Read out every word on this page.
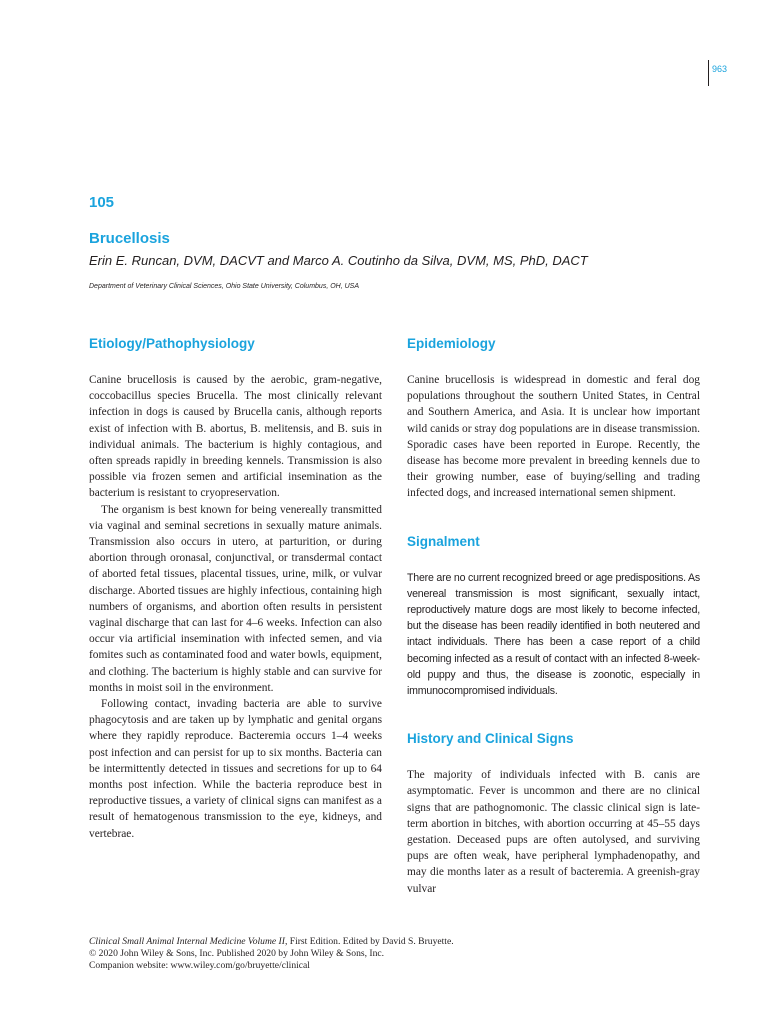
963
105
Brucellosis
Erin E. Runcan, DVM, DACVT and Marco A. Coutinho da Silva, DVM, MS, PhD, DACT
Department of Veterinary Clinical Sciences, Ohio State University, Columbus, OH, USA
Etiology/Pathophysiology

Canine brucellosis is caused by the aerobic, gram-negative, coccobacillus species Brucella. The most clinically relevant infection in dogs is caused by Brucella canis, although reports exist of infection with B. abortus, B. melitensis, and B. suis in individual animals. The bacterium is highly contagious, and often spreads rapidly in breeding kennels. Transmission is also possible via frozen semen and artificial insemination as the bacterium is resistant to cryopreservation.

The organism is best known for being venereally transmitted via vaginal and seminal secretions in sexually mature animals. Transmission also occurs in utero, at parturition, or during abortion through oronasal, conjunctival, or transdermal contact of aborted fetal tissues, placental tissues, urine, milk, or vulvar discharge. Aborted tissues are highly infectious, containing high numbers of organisms, and abortion often results in persistent vaginal discharge that can last for 4–6 weeks. Infection can also occur via artificial insemination with infected semen, and via fomites such as contaminated food and water bowls, equipment, and clothing. The bacterium is highly stable and can survive for months in moist soil in the environment.

Following contact, invading bacteria are able to survive phagocytosis and are taken up by lymphatic and genital organs where they rapidly reproduce. Bacteremia occurs 1–4 weeks post infection and can persist for up to six months. Bacteria can be intermittently detected in tissues and secretions for up to 64 months post infection. While the bacteria reproduce best in reproductive tissues, a variety of clinical signs can manifest as a result of hematogenous transmission to the eye, kidneys, and vertebrae.

Epidemiology

Canine brucellosis is widespread in domestic and feral dog populations throughout the southern United States, in Central and Southern America, and Asia. It is unclear how important wild canids or stray dog populations are in disease transmission. Sporadic cases have been reported in Europe. Recently, the disease has become more prevalent in breeding kennels due to their growing number, ease of buying/selling and trading infected dogs, and increased international semen shipment.

Signalment

There are no current recognized breed or age predispositions. As venereal transmission is most significant, sexually intact, reproductively mature dogs are most likely to become infected, but the disease has been readily identified in both neutered and intact individuals. There has been a case report of a child becoming infected as a result of contact with an infected 8-week-old puppy and thus, the disease is zoonotic, especially in immunocompromised individuals.

History and Clinical Signs

The majority of individuals infected with B. canis are asymptomatic. Fever is uncommon and there are no clinical signs that are pathognomonic. The classic clinical sign is late-term abortion in bitches, with abortion occurring at 45–55 days gestation. Deceased pups are often autolysed, and surviving pups are often weak, have peripheral lymphadenopathy, and may die months later as a result of bacteremia. A greenish-gray vulvar

Clinical Small Animal Internal Medicine Volume II, First Edition. Edited by David S. Bruyette.
© 2020 John Wiley & Sons, Inc. Published 2020 by John Wiley & Sons, Inc.
Companion website: www.wiley.com/go/bruyette/clinical
